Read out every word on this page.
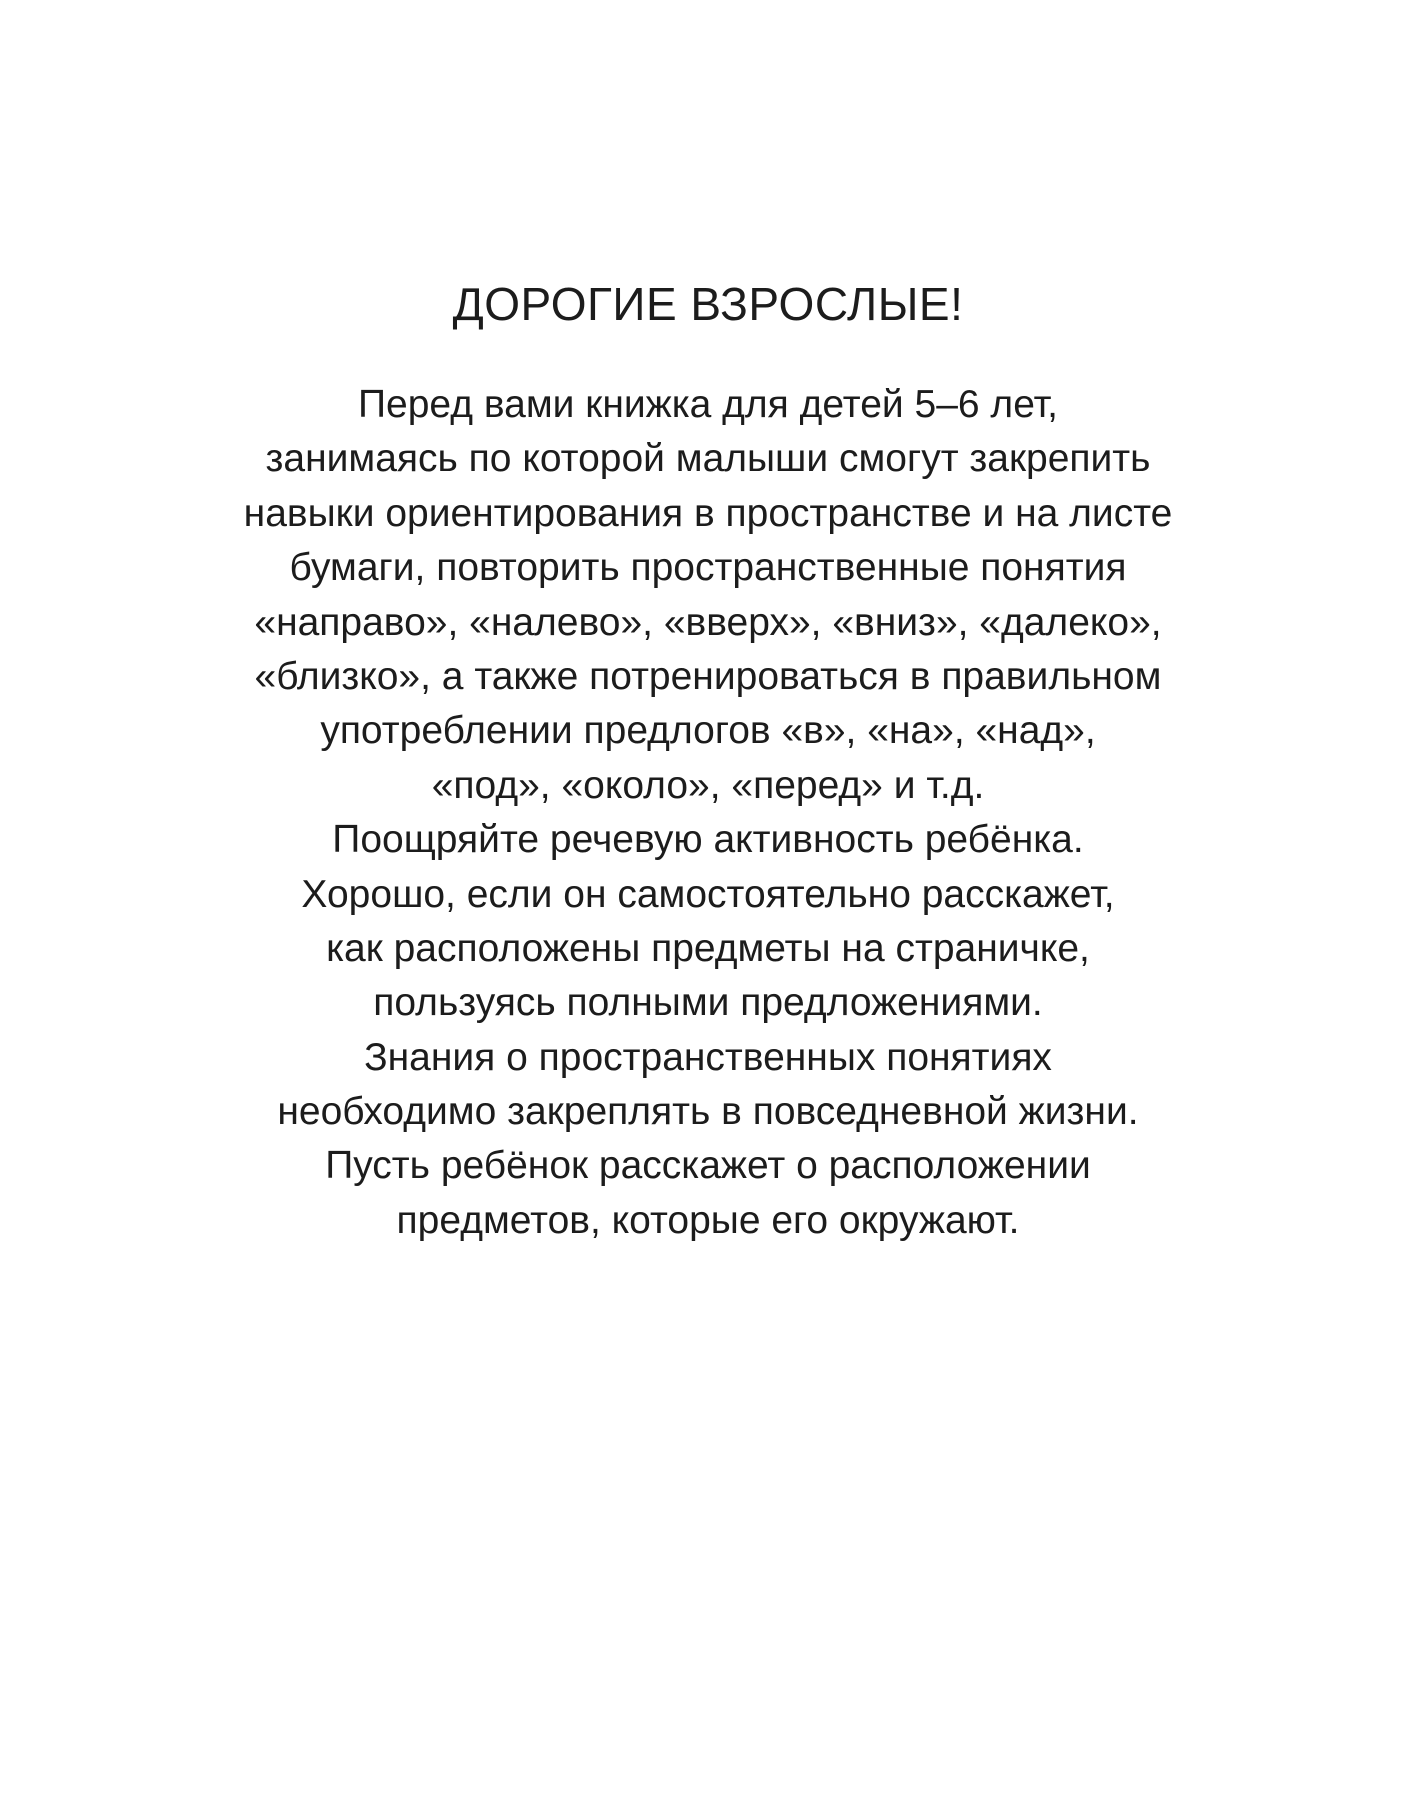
ДОРОГИЕ ВЗРОСЛЫЕ!
Перед вами книжка для детей 5–6 лет,
занимаясь по которой малыши смогут закрепить
навыки ориентирования в пространстве и на листе
бумаги, повторить пространственные понятия
«направо», «налево», «вверх», «вниз», «далеко»,
«близко», а также потренироваться в правильном
употреблении предлогов «в», «на», «над»,
«под», «около», «перед» и т.д.
Поощряйте речевую активность ребёнка.
Хорошо, если он самостоятельно расскажет,
как расположены предметы на страничке,
пользуясь полными предложениями.
Знания о пространственных понятиях
необходимо закреплять в повседневной жизни.
Пусть ребёнок расскажет о расположении
предметов, которые его окружают.
